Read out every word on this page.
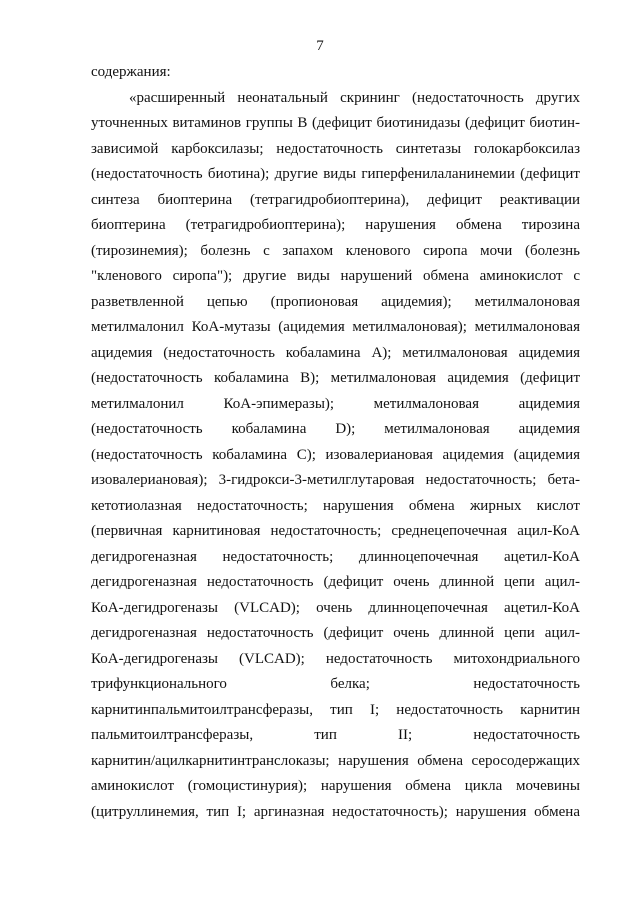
7
содержания:
«расширенный неонатальный скрининг (недостаточность других
уточненных витаминов группы В (дефицит биотинидазы (дефицит биотин-
зависимой карбоксилазы; недостаточность синтетазы голокарбоксилаз
(недостаточность биотина); другие виды гиперфенилаланинемии (дефицит
синтеза биоптерина (тетрагидробиоптерина), дефицит реактивации
биоптерина (тетрагидробиоптерина); нарушения обмена тирозина
(тирозинемия); болезнь с запахом кленового сиропа мочи (болезнь
"кленового сиропа"); другие виды нарушений обмена аминокислот с
разветвленной цепью (пропионовая ацидемия); метилмалоновая
метилмалонил КоА-мутазы (ацидемия метилмалоновая); метилмалоновая
ацидемия (недостаточность кобаламина А); метилмалоновая ацидемия
(недостаточность кобаламина В); метилмалоновая ацидемия (дефицит
метилмалонил КоА-эпимеразы); метилмалоновая ацидемия
(недостаточность кобаламина D); метилмалоновая ацидемия
(недостаточность кобаламина С); изовалериановая ацидемия (ацидемия
изовалериановая); 3-гидрокси-3-метилглутаровая недостаточность; бета-
кетотиолазная недостаточность; нарушения обмена жирных кислот
(первичная карнитиновая недостаточность; среднецепочечная ацил-КоА
дегидрогеназная недостаточность; длинноцепочечная ацетил-КоА
дегидрогеназная недостаточность (дефицит очень длинной цепи ацил-
КоА-дегидрогеназы (VLCAD); очень длинноцепочечная ацетил-КоА
дегидрогеназная недостаточность (дефицит очень длинной цепи ацил-
КоА-дегидрогеназы (VLCAD); недостаточность митохондриального
трифункционального белка; недостаточность
карнитинпальмитоилтрансферазы, тип I; недостаточность карнитин
пальмитоилтрансферазы, тип II; недостаточность
карнитин/ацилкарнитинтранслоказы; нарушения обмена серосодержащих
аминокислот (гомоцистинурия); нарушения обмена цикла мочевины
(цитруллинемия, тип I; аргиназная недостаточность); нарушения обмена
